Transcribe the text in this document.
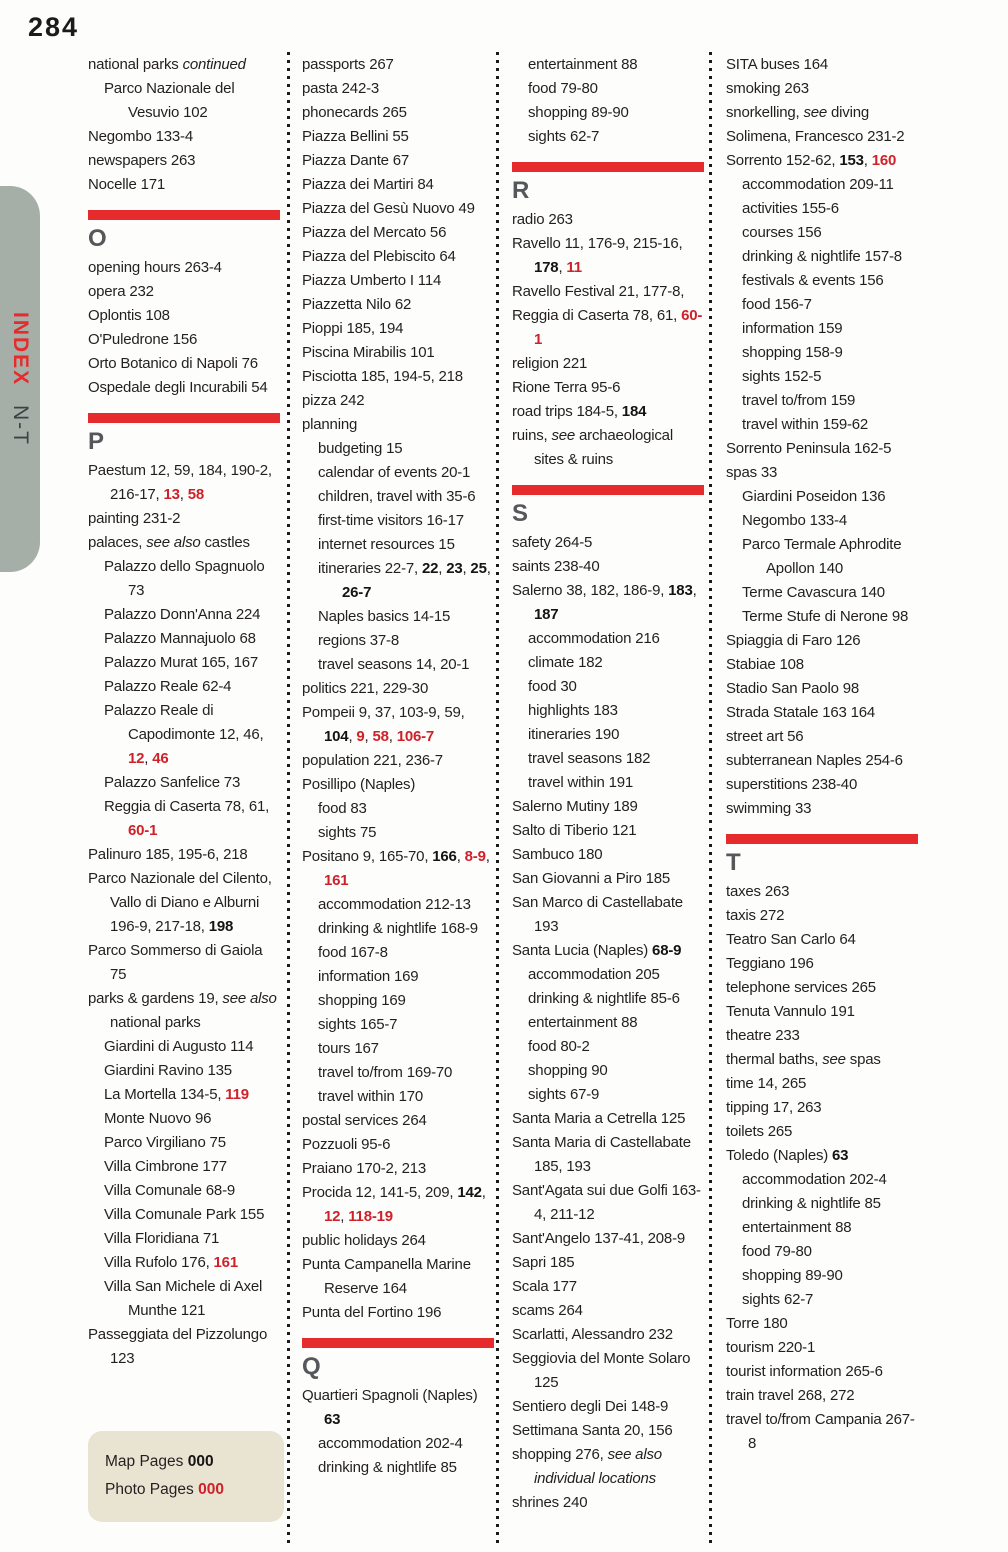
284
INDEX N-T
national parks continued
Parco Nazionale del Vesuvio 102
Negombo 133-4
newspapers 263
Nocelle 171
O
opening hours 263-4
opera 232
Oplontis 108
O'Puledrone 156
Orto Botanico di Napoli 76
Ospedale degli Incurabili 54
P
Paestum 12, 59, 184, 190-2, 216-17, 13, 58
painting 231-2
palaces, see also castles
Palazzo dello Spagnuolo 73
Palazzo Donn'Anna 224
Palazzo Mannajuolo 68
Palazzo Murat 165, 167
Palazzo Reale 62-4
Palazzo Reale di Capodimonte 12, 46, 12, 46
Palazzo Sanfelice 73
Reggia di Caserta 78, 61, 60-1
Palinuro 185, 195-6, 218
Parco Nazionale del Cilento, Vallo di Diano e Alburni 196-9, 217-18, 198
Parco Sommerso di Gaiola 75
parks & gardens 19, see also national parks
Giardini di Augusto 114
Giardini Ravino 135
La Mortella 134-5, 119
Monte Nuovo 96
Parco Virgiliano 75
Villa Cimbrone 177
Villa Comunale 68-9
Villa Comunale Park 155
Villa Floridiana 71
Villa Rufolo 176, 161
Villa San Michele di Axel Munthe 121
Passeggiata del Pizzolungo 123
passports 267
pasta 242-3
phonecards 265
Piazza Bellini 55
Piazza Dante 67
Piazza dei Martiri 84
Piazza del Gesù Nuovo 49
Piazza del Mercato 56
Piazza del Plebiscito 64
Piazza Umberto I 114
Piazzetta Nilo 62
Pioppi 185, 194
Piscina Mirabilis 101
Pisciotta 185, 194-5, 218
pizza 242
planning
budgeting 15
calendar of events 20-1
children, travel with 35-6
first-time visitors 16-17
internet resources 15
itineraries 22-7, 22, 23, 25, 26-7
Naples basics 14-15
regions 37-8
travel seasons 14, 20-1
politics 221, 229-30
Pompeii 9, 37, 103-9, 59, 104, 9, 58, 106-7
population 221, 236-7
Posillipo (Naples)
food 83
sights 75
Positano 9, 165-70, 166, 8-9, 161
accommodation 212-13
drinking & nightlife 168-9
food 167-8
information 169
shopping 169
sights 165-7
tours 167
travel to/from 169-70
travel within 170
postal services 264
Pozzuoli 95-6
Praiano 170-2, 213
Procida 12, 141-5, 209, 142, 12, 118-19
public holidays 264
Punta Campanella Marine Reserve 164
Punta del Fortino 196
Q
Quartieri Spagnoli (Naples) 63
accommodation 202-4
drinking & nightlife 85
entertainment 88
food 79-80
shopping 89-90
sights 62-7
R
radio 263
Ravello 11, 176-9, 215-16, 178, 11
Ravello Festival 21, 177-8,
Reggia di Caserta 78, 61, 60-1
religion 221
Rione Terra 95-6
road trips 184-5, 184
ruins, see archaeological sites & ruins
S
safety 264-5
saints 238-40
Salerno 38, 182, 186-9, 183, 187
accommodation 216
climate 182
food 30
highlights 183
itineraries 190
travel seasons 182
travel within 191
Salerno Mutiny 189
Salto di Tiberio 121
Sambuco 180
San Giovanni a Piro 185
San Marco di Castellabate 193
Santa Lucia (Naples) 68-9
accommodation 205
drinking & nightlife 85-6
entertainment 88
food 80-2
shopping 90
sights 67-9
Santa Maria a Cetrella 125
Santa Maria di Castellabate 185, 193
Sant'Agata sui due Golfi 163-4, 211-12
Sant'Angelo 137-41, 208-9
Sapri 185
Scala 177
scams 264
Scarlatti, Alessandro 232
Seggiovia del Monte Solaro 125
Sentiero degli Dei 148-9
Settimana Santa 20, 156
shopping 276, see also individual locations
shrines 240
SITA buses 164
smoking 263
snorkelling, see diving
Solimena, Francesco 231-2
Sorrento 152-62, 153, 160
accommodation 209-11
activities 155-6
courses 156
drinking & nightlife 157-8
festivals & events 156
food 156-7
information 159
shopping 158-9
sights 152-5
travel to/from 159
travel within 159-62
Sorrento Peninsula 162-5
spas 33
Giardini Poseidon 136
Negombo 133-4
Parco Termale Aphrodite Apollon 140
Terme Cavascura 140
Terme Stufe di Nerone 98
Spiaggia di Faro 126
Stabiae 108
Stadio San Paolo 98
Strada Statale 163 164
street art 56
subterranean Naples 254-6
superstitions 238-40
swimming 33
T
taxes 263
taxis 272
Teatro San Carlo 64
Teggiano 196
telephone services 265
Tenuta Vannulo 191
theatre 233
thermal baths, see spas
time 14, 265
tipping 17, 263
toilets 265
Toledo (Naples) 63
accommodation 202-4
drinking & nightlife 85
entertainment 88
food 79-80
shopping 89-90
sights 62-7
Torre 180
tourism 220-1
tourist information 265-6
train travel 268, 272
travel to/from Campania 267-8
Map Pages 000
Photo Pages 000
